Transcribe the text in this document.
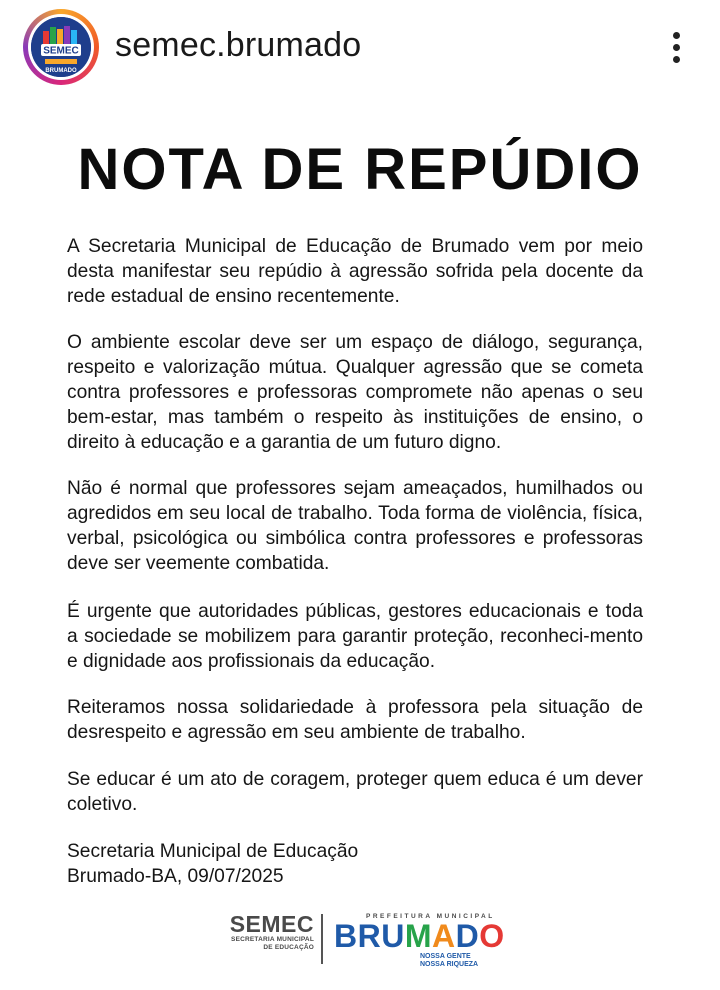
SEMEC
BRUMADO
semec.brumado
NOTA DE REPÚDIO

A Secretaria Municipal de Educação de Brumado vem por meio desta manifestar seu repúdio à agressão sofrida pela docente da rede estadual de ensino recentemente.

O ambiente escolar deve ser um espaço de diálogo, segurança, respeito e valorização mútua. Qualquer agressão que se cometa contra professores e professoras compromete não apenas o seu bem-estar, mas também o respeito às instituições de ensino, o direito à educação e a garantia de um futuro digno.

Não é normal que professores sejam ameaçados, humilhados ou agredidos em seu local de trabalho. Toda forma de violência, física, verbal, psicológica ou simbólica contra professores e professoras deve ser veemente combatida.

É urgente que autoridades públicas, gestores educacionais e toda a sociedade se mobilizem para garantir proteção, reconheci-mento e dignidade aos profissionais da educação.

Reiteramos nossa solidariedade à professora pela situação de desrespeito e agressão em seu ambiente de trabalho.

Se educar é um ato de coragem, proteger quem educa é um dever coletivo.

Secretaria Municipal de Educação
Brumado-BA, 09/07/2025
SEMEC
SECRETARIA MUNICIPAL
DE EDUCAÇÃO
PREFEITURA MUNICIPAL
BRUMADO
NOSSA GENTE
NOSSA RIQUEZA
